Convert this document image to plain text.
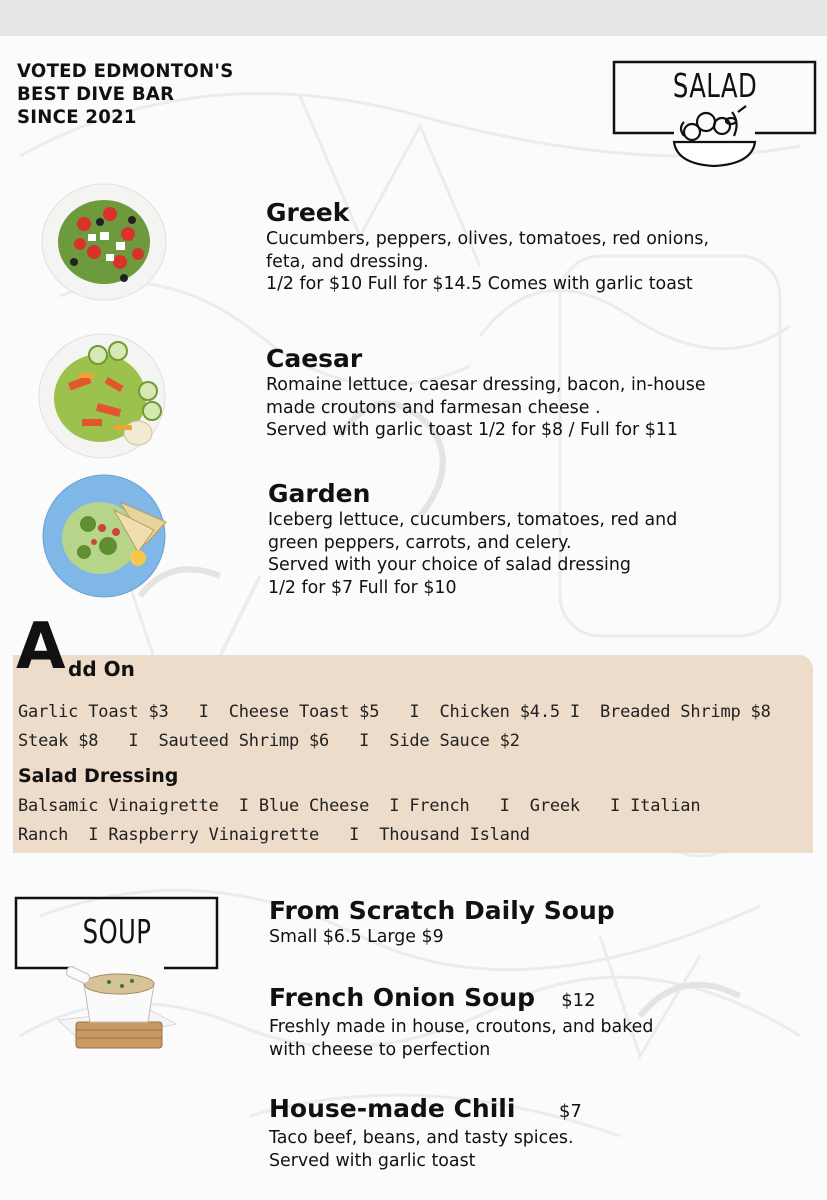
VOTED EDMONTON'S
BEST DIVE BAR
SINCE 2021
SALAD
Greek
Cucumbers, peppers, olives, tomatoes, red onions,
feta, and dressing.
1/2 for $10 Full for $14.5 Comes with garlic toast
Caesar
Romaine lettuce, caesar dressing, bacon, in-house
made croutons and farmesan cheese .
Served with garlic toast 1/2 for $8 / Full for $11
Garden
Iceberg lettuce, cucumbers, tomatoes, red and
green peppers, carrots, and celery.
Served with your choice of salad dressing
1/2 for $7 Full for $10
A dd On
Garlic Toast $3   I  Cheese Toast $5   I  Chicken $4.5 I  Breaded Shrimp $8
Steak $8   I  Sauteed Shrimp $6   I  Side Sauce $2
Salad Dressing
Balsamic Vinaigrette  I Blue Cheese  I French   I  Greek   I Italian
Ranch  I Raspberry Vinaigrette   I  Thousand Island
SOUP
From Scratch Daily Soup
Small $6.5 Large $9
French Onion Soup $12
Freshly made in house, croutons, and baked
with cheese to perfection
House-made Chili $7
Taco beef, beans, and tasty spices.
Served with garlic toast
